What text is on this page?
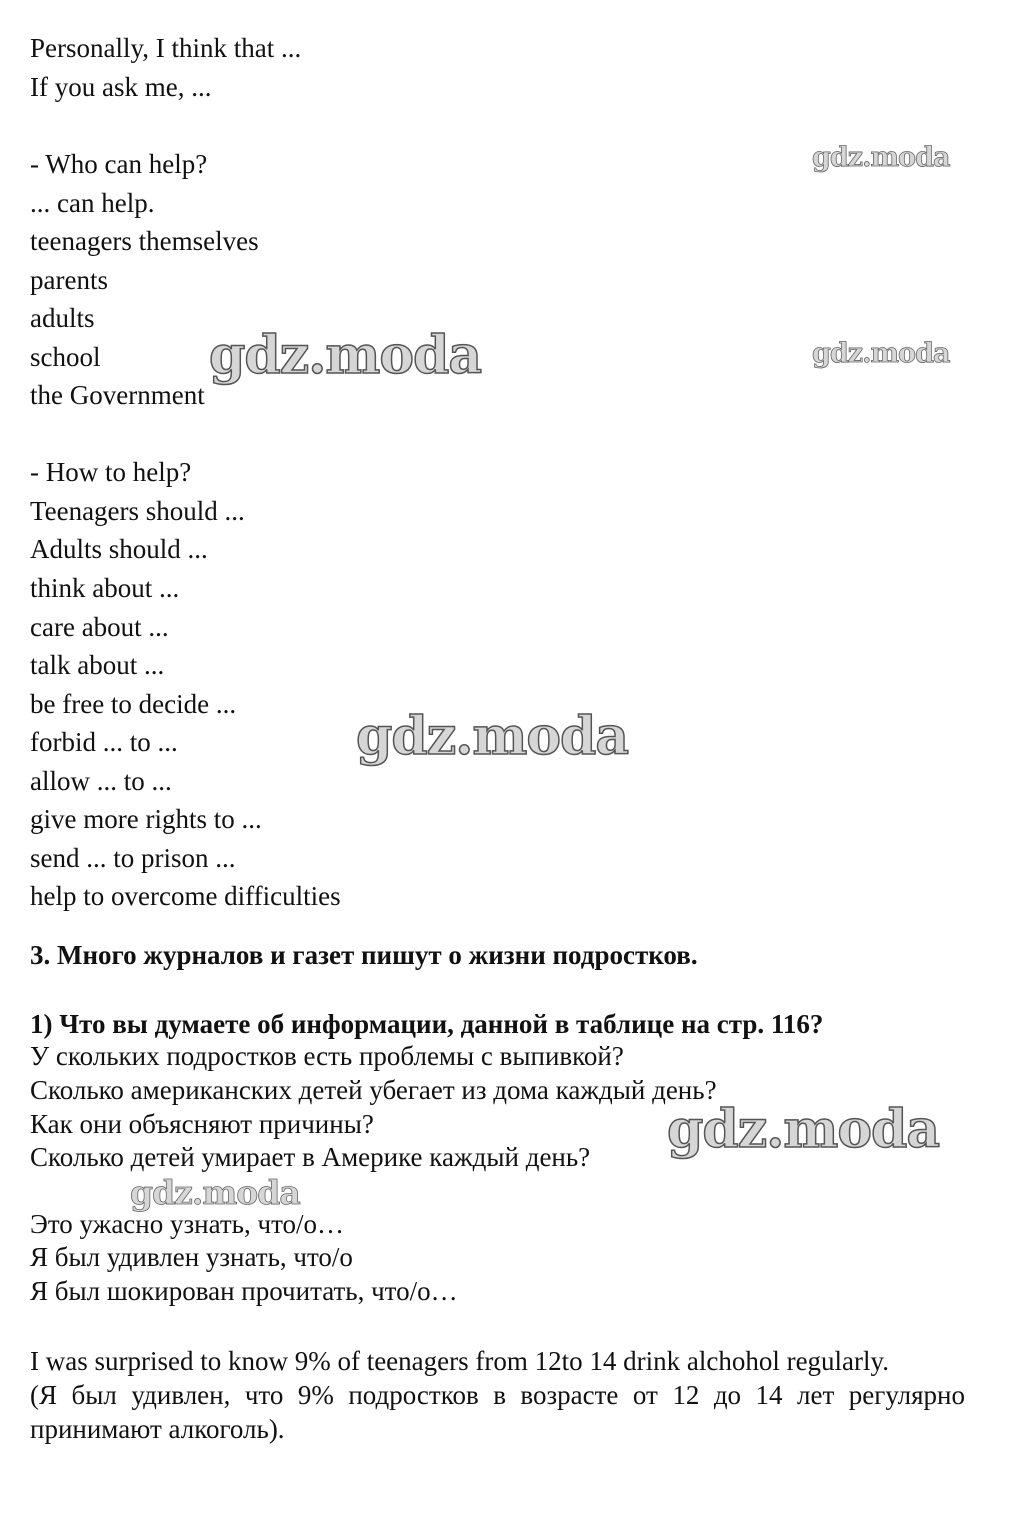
Personally, I think that ...
If you ask me, ...
- Who can help?
... can help.
teenagers themselves
parents
adults
school
the Government
- How to help?
Teenagers should ...
Adults should ...
think about ...
care about ...
talk about ...
be free to decide ...
forbid ... to ...
allow ... to ...
give more rights to ...
send ... to prison ...
help to overcome difficulties
3. Много журналов и газет пишут о жизни подростков.
1) Что вы думаете об информации, данной в таблице на стр. 116?
У скольких подростков есть проблемы с выпивкой?
Сколько американских детей убегает из дома каждый день?
Как они объясняют причины?
Сколько детей умирает в Америке каждый день?
Это ужасно узнать, что/о…
Я был удивлен узнать, что/о
Я был шокирован прочитать, что/о…
I was surprised to know 9% of teenagers from 12to 14 drink alchohol regularly.
(Я был удивлен, что 9% подростков в возрасте от 12 до 14 лет регулярно принимают алкоголь).
gdz.moda
gdz.moda
gdz.moda
gdz.moda
gdz.moda
gdz.moda
